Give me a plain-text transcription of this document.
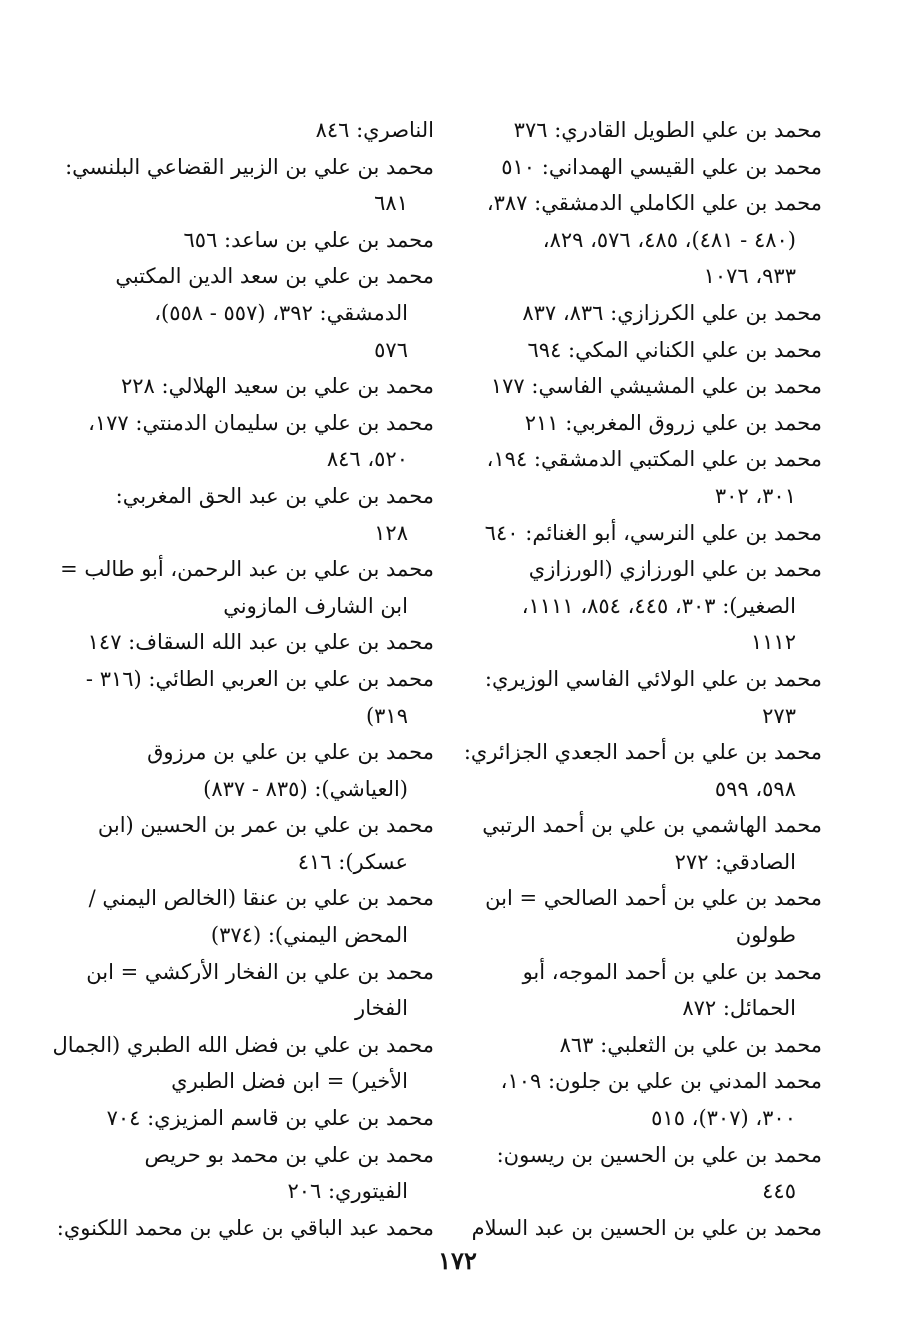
محمد بن علي الطويل القادري: ٣٧٦
محمد بن علي القيسي الهمداني: ٥١٠
محمد بن علي الكاملي الدمشقي: ٣٨٧،
(٤٨٠ - ٤٨١)، ٤٨٥، ٥٧٦، ٨٢٩،
٩٣٣، ١٠٧٦
محمد بن علي الكرزازي: ٨٣٦، ٨٣٧
محمد بن علي الكناني المكي: ٦٩٤
محمد بن علي المشيشي الفاسي: ١٧٧
محمد بن علي زروق المغربي: ٢١١
محمد بن علي المكتبي الدمشقي: ١٩٤،
٣٠١، ٣٠٢
محمد بن علي النرسي، أبو الغنائم: ٦٤٠
محمد بن علي الورزازي (الورزازي
الصغير): ٣٠٣، ٤٤٥، ٨٥٤، ١١١١،
١١١٢
محمد بن علي الولائي الفاسي الوزيري:
٢٧٣
محمد بن علي بن أحمد الجعدي الجزائري:
٥٩٨، ٥٩٩
محمد الهاشمي بن علي بن أحمد الرتبي
الصادقي: ٢٧٢
محمد بن علي بن أحمد الصالحي = ابن
طولون
محمد بن علي بن أحمد الموجه، أبو
الحمائل: ٨٧٢
محمد بن علي بن الثعلبي: ٨٦٣
محمد المدني بن علي بن جلون: ١٠٩،
٣٠٠، (٣٠٧)، ٥١٥
محمد بن علي بن الحسين بن ريسون:
٤٤٥
محمد بن علي بن الحسين بن عبد السلام
الناصري: ٨٤٦
محمد بن علي بن الزبير القضاعي البلنسي:
٦٨١
محمد بن علي بن ساعد: ٦٥٦
محمد بن علي بن سعد الدين المكتبي
الدمشقي: ٣٩٢، (٥٥٧ - ٥٥٨)،
٥٧٦
محمد بن علي بن سعيد الهلالي: ٢٢٨
محمد بن علي بن سليمان الدمنتي: ١٧٧،
٥٢٠، ٨٤٦
محمد بن علي بن عبد الحق المغربي:
١٢٨
محمد بن علي بن عبد الرحمن، أبو طالب =
ابن الشارف المازوني
محمد بن علي بن عبد الله السقاف: ١٤٧
محمد بن علي بن العربي الطائي: (٣١٦ -
٣١٩)
محمد بن علي بن علي بن مرزوق
(العياشي): (٨٣٥ - ٨٣٧)
محمد بن علي بن عمر بن الحسين (ابن
عسكر): ٤١٦
محمد بن علي بن عنقا (الخالص اليمني /
المحض اليمني): (٣٧٤)
محمد بن علي بن الفخار الأركشي = ابن
الفخار
محمد بن علي بن فضل الله الطبري (الجمال
الأخير) = ابن فضل الطبري
محمد بن علي بن قاسم المزيزي: ٧٠٤
محمد بن علي بن محمد بو حريص
الفيتوري: ٢٠٦
محمد عبد الباقي بن علي بن محمد اللكنوي:
١٧٢
